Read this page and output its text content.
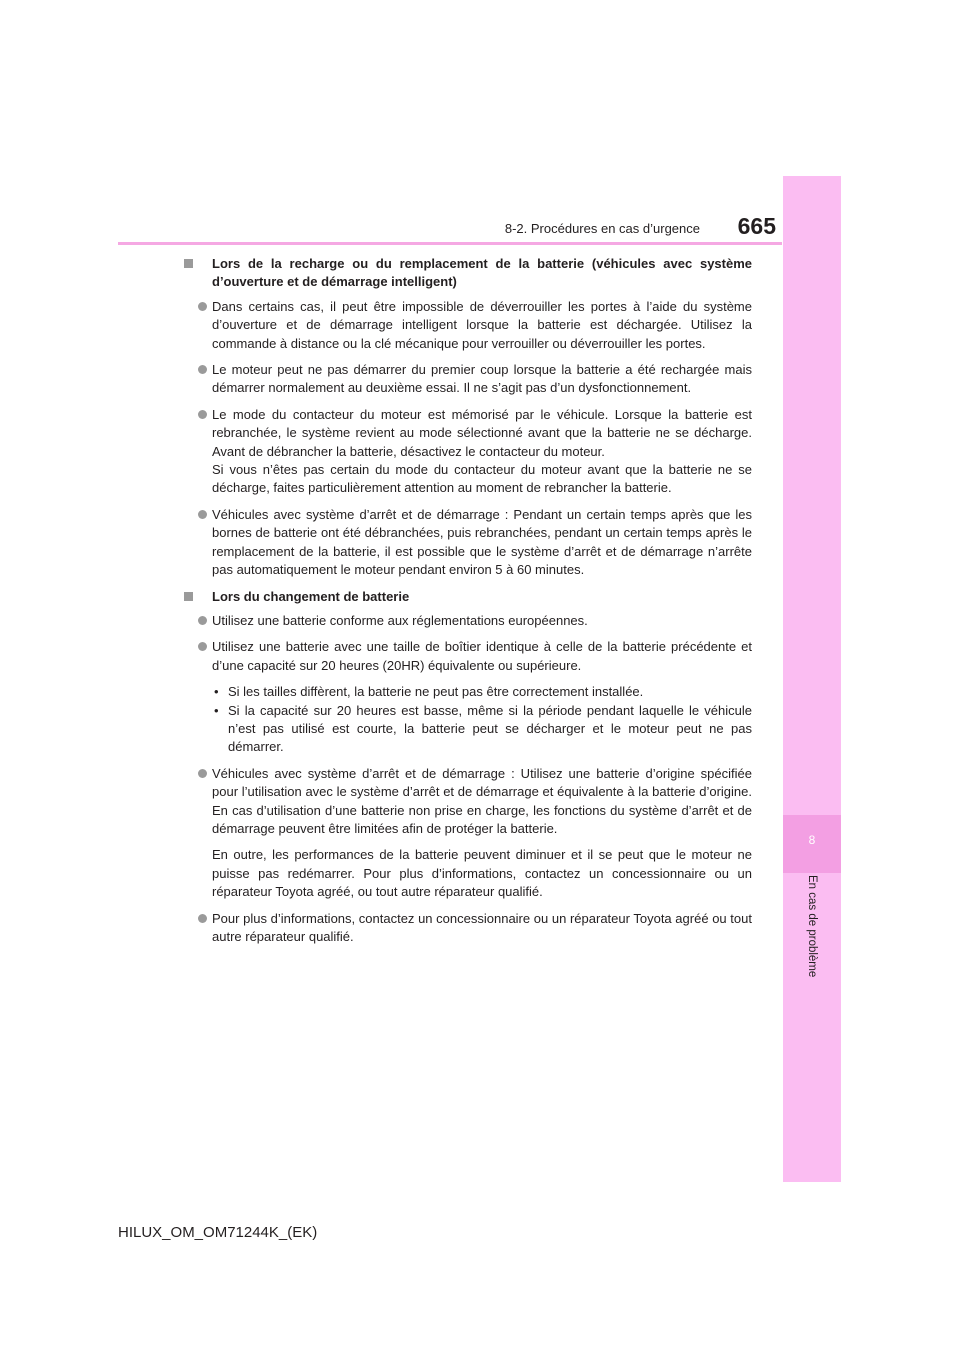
8-2. Procédures en cas d’urgence	665
8
En cas de problème
Lors de la recharge ou du remplacement de la batterie (véhicules avec système d’ouverture et de démarrage intelligent)
Dans certains cas, il peut être impossible de déverrouiller les portes à l’aide du système d’ouverture et de démarrage intelligent lorsque la batterie est déchargée. Utilisez la commande à distance ou la clé mécanique pour verrouiller ou déverrouiller les portes.
Le moteur peut ne pas démarrer du premier coup lorsque la batterie a été rechargée mais démarrer normalement au deuxième essai. Il ne s’agit pas d’un dysfonctionnement.
Le mode du contacteur du moteur est mémorisé par le véhicule. Lorsque la batterie est rebranchée, le système revient au mode sélectionné avant que la batterie ne se décharge. Avant de débrancher la batterie, désactivez le contacteur du moteur.
Si vous n’êtes pas certain du mode du contacteur du moteur avant que la batterie ne se décharge, faites particulièrement attention au moment de rebrancher la batterie.
Véhicules avec système d’arrêt et de démarrage : Pendant un certain temps après que les bornes de batterie ont été débranchées, puis rebranchées, pendant un certain temps après le remplacement de la batterie, il est possible que le système d’arrêt et de démarrage n’arrête pas automatiquement le moteur pendant environ 5 à 60 minutes.
Lors du changement de batterie
Utilisez une batterie conforme aux réglementations européennes.
Utilisez une batterie avec une taille de boîtier identique à celle de la batterie précédente et d’une capacité sur 20 heures (20HR) équivalente ou supérieure.
• Si les tailles diffèrent, la batterie ne peut pas être correctement installée.
• Si la capacité sur 20 heures est basse, même si la période pendant laquelle le véhicule n’est pas utilisé est courte, la batterie peut se décharger et le moteur peut ne pas démarrer.
Véhicules avec système d’arrêt et de démarrage : Utilisez une batterie d’origine spécifiée pour l’utilisation avec le système d’arrêt et de démarrage et équivalente à la batterie d’origine. En cas d’utilisation d’une batterie non prise en charge, les fonctions du système d’arrêt et de démarrage peuvent être limitées afin de protéger la batterie.
En outre, les performances de la batterie peuvent diminuer et il se peut que le moteur ne puisse pas redémarrer. Pour plus d’informations, contactez un concessionnaire ou un réparateur Toyota agréé, ou tout autre réparateur qualifié.
Pour plus d’informations, contactez un concessionnaire ou un réparateur Toyota agréé ou tout autre réparateur qualifié.
HILUX_OM_OM71244K_(EK)
